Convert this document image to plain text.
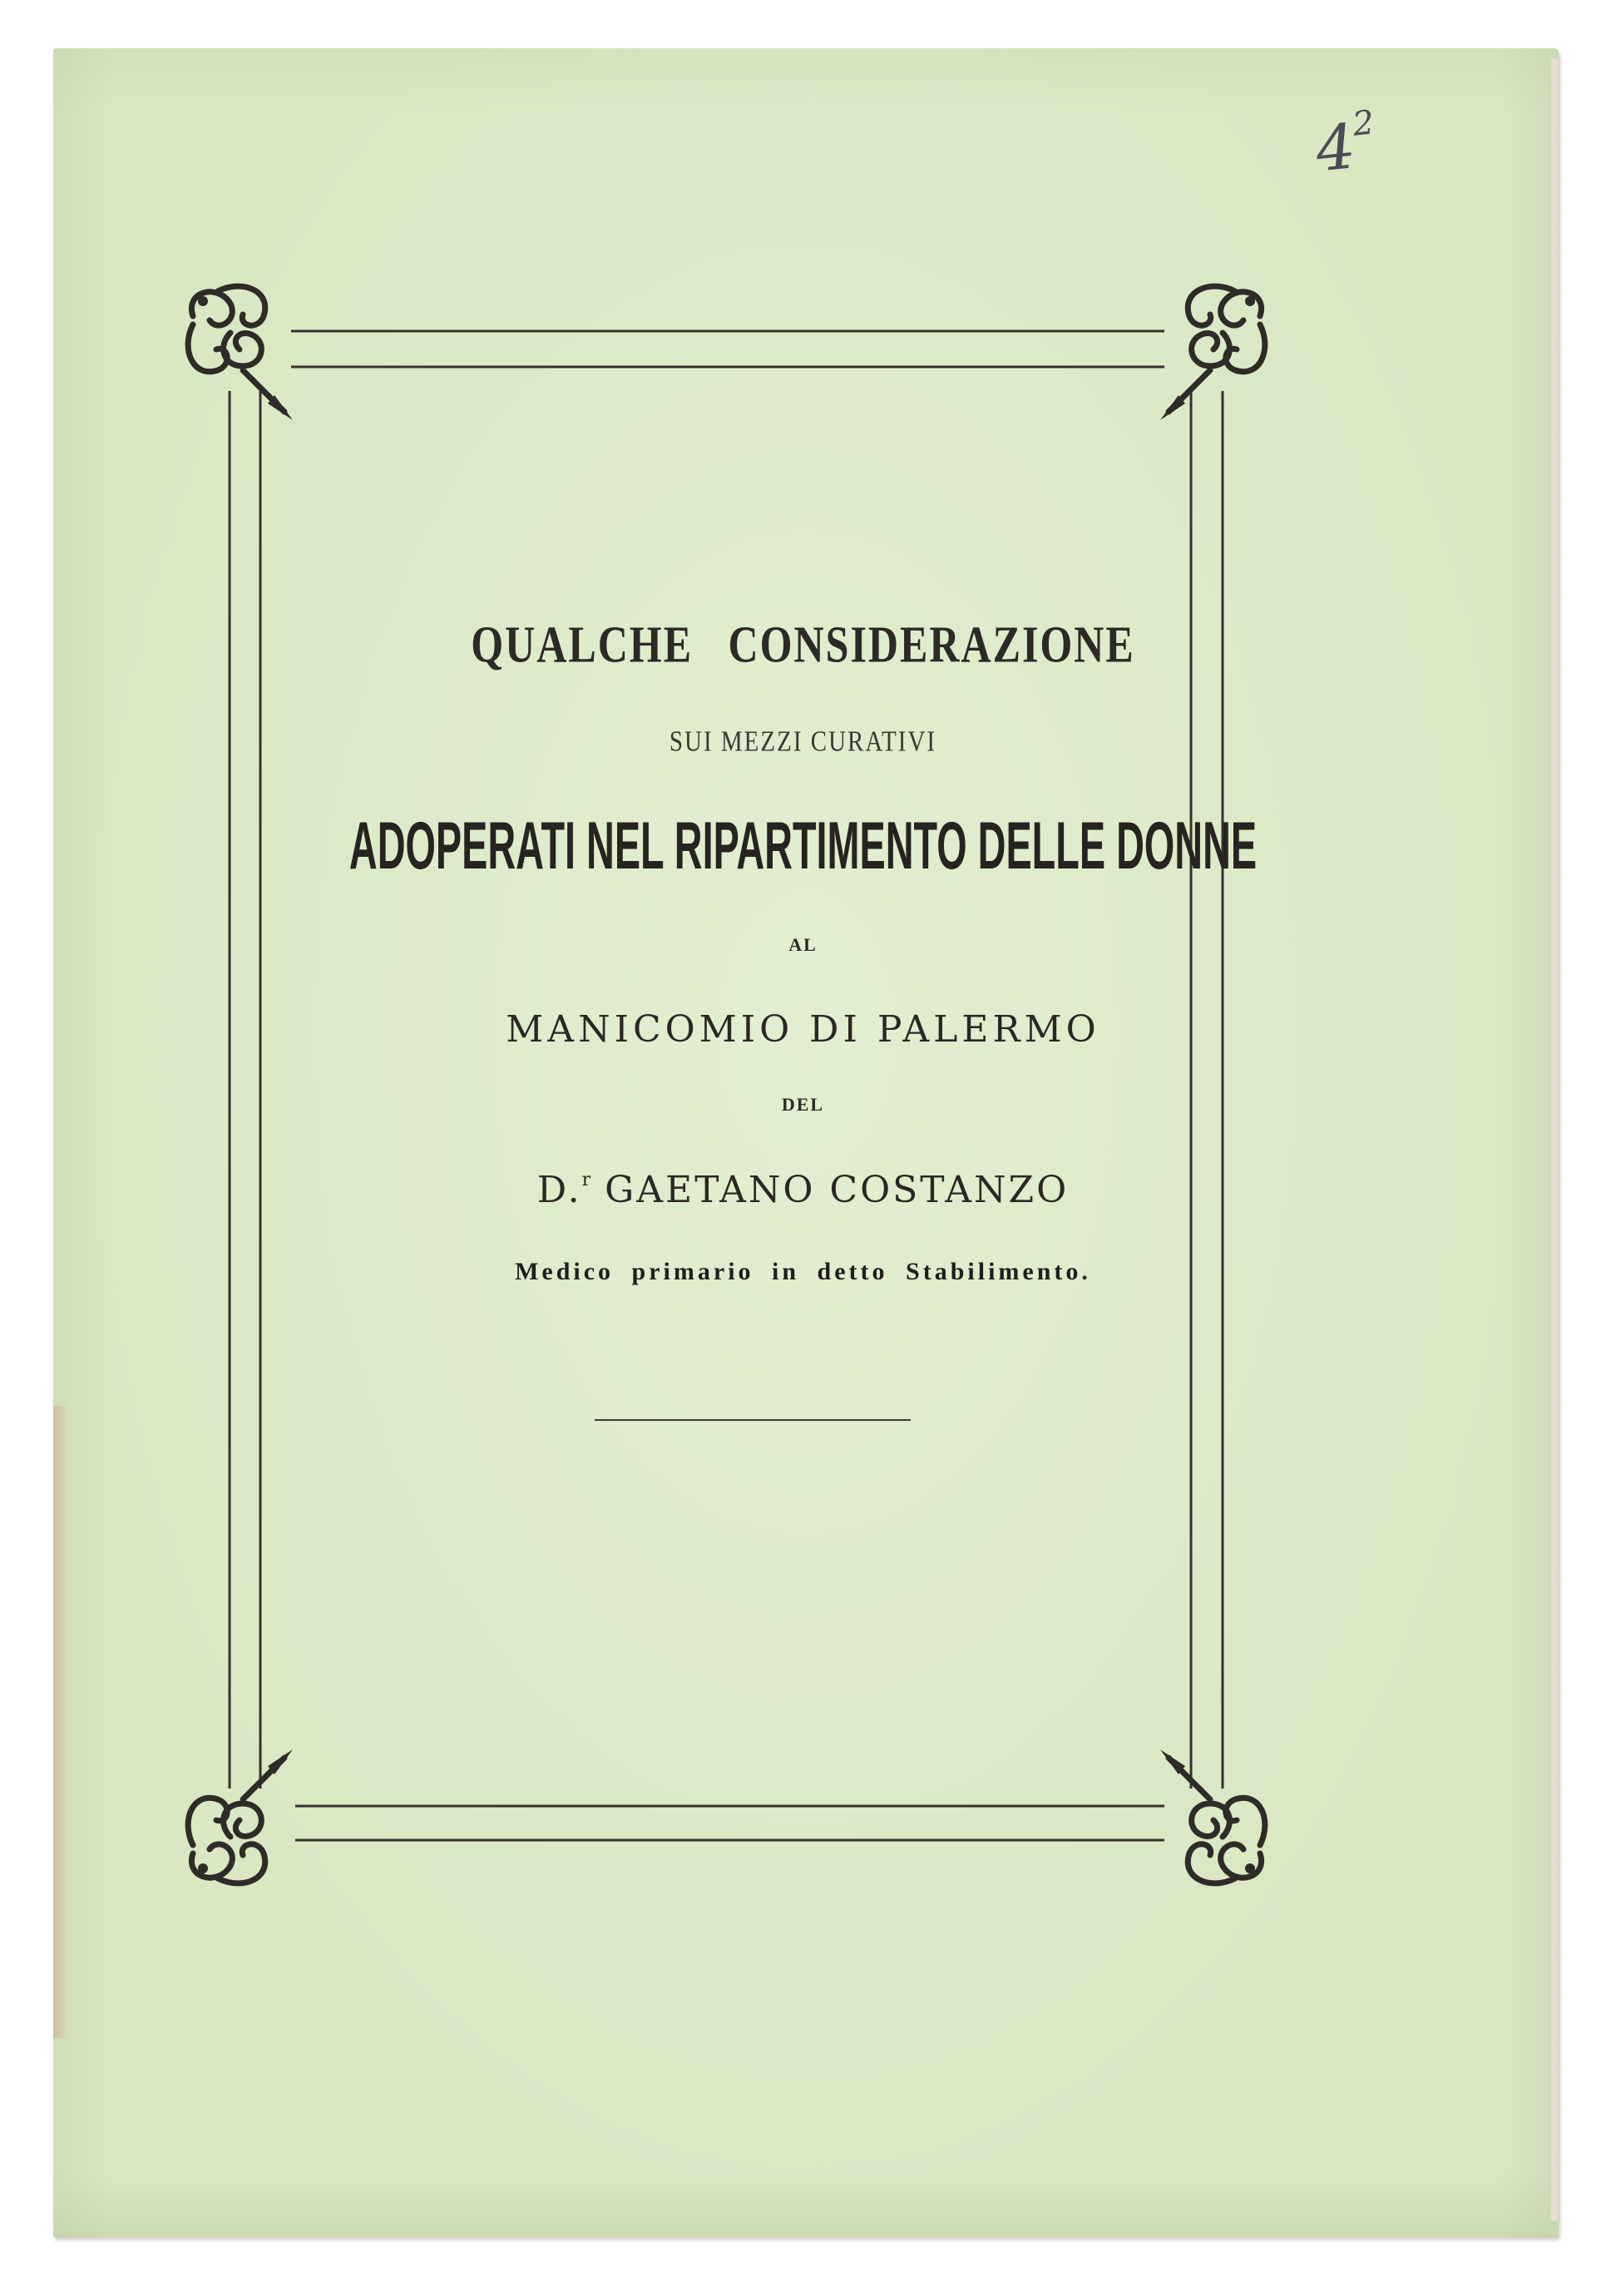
$4^2$
QUALCHE CONSIDERAZIONE
SUI MEZZI CURATIVI
ADOPERATI NEL RIPARTIMENTO DELLE DONNE
AL
MANICOMIO DI PALERMO
DEL
D.$^r$ GAETANO COSTANZO
Medico primario in detto Stabilimento.
